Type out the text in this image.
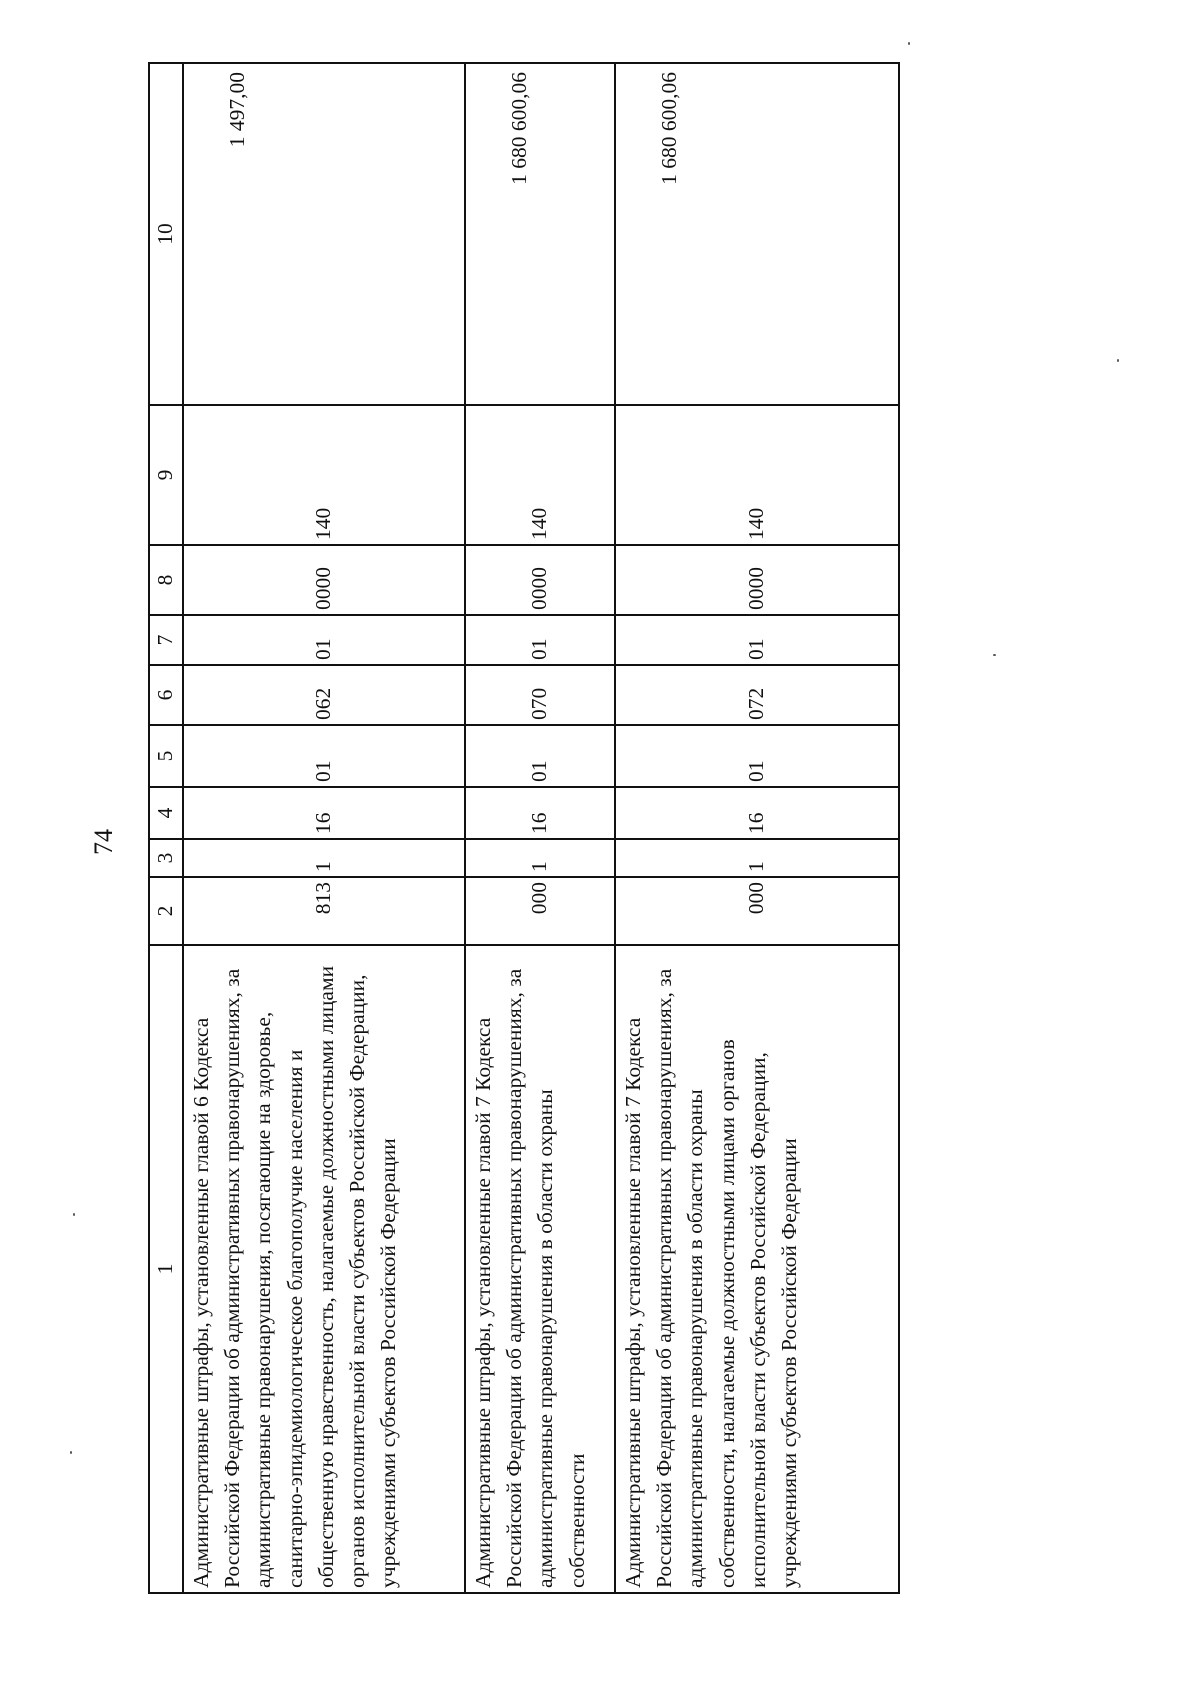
74
1	2	3	4	5	6	7	8	9	10
Административные штрафы, установленные главой 6 Кодекса Российской Федерации об административных правонарушениях, за административные правонарушения, посягающие на здоровье, санитарно-эпидемиологическое благополучие населения и общественную нравственность, налагаемые должностными лицами органов исполнительной власти субъектов Российской Федерации, учреждениями субъектов Российской Федерации	813	1	16	01	062	01	0000	140	1 497,00
Административные штрафы, установленные главой 7 Кодекса Российской Федерации об административных правонарушениях, за административные правонарушения в области охраны собственности	000	1	16	01	070	01	0000	140	1 680 600,06
Административные штрафы, установленные главой 7 Кодекса Российской Федерации об административных правонарушениях, за административные правонарушения в области охраны собственности, налагаемые должностными лицами органов исполнительной власти субъектов Российской Федерации, учреждениями субъектов Российской Федерации	000	1	16	01	072	01	0000	140	1 680 600,06
